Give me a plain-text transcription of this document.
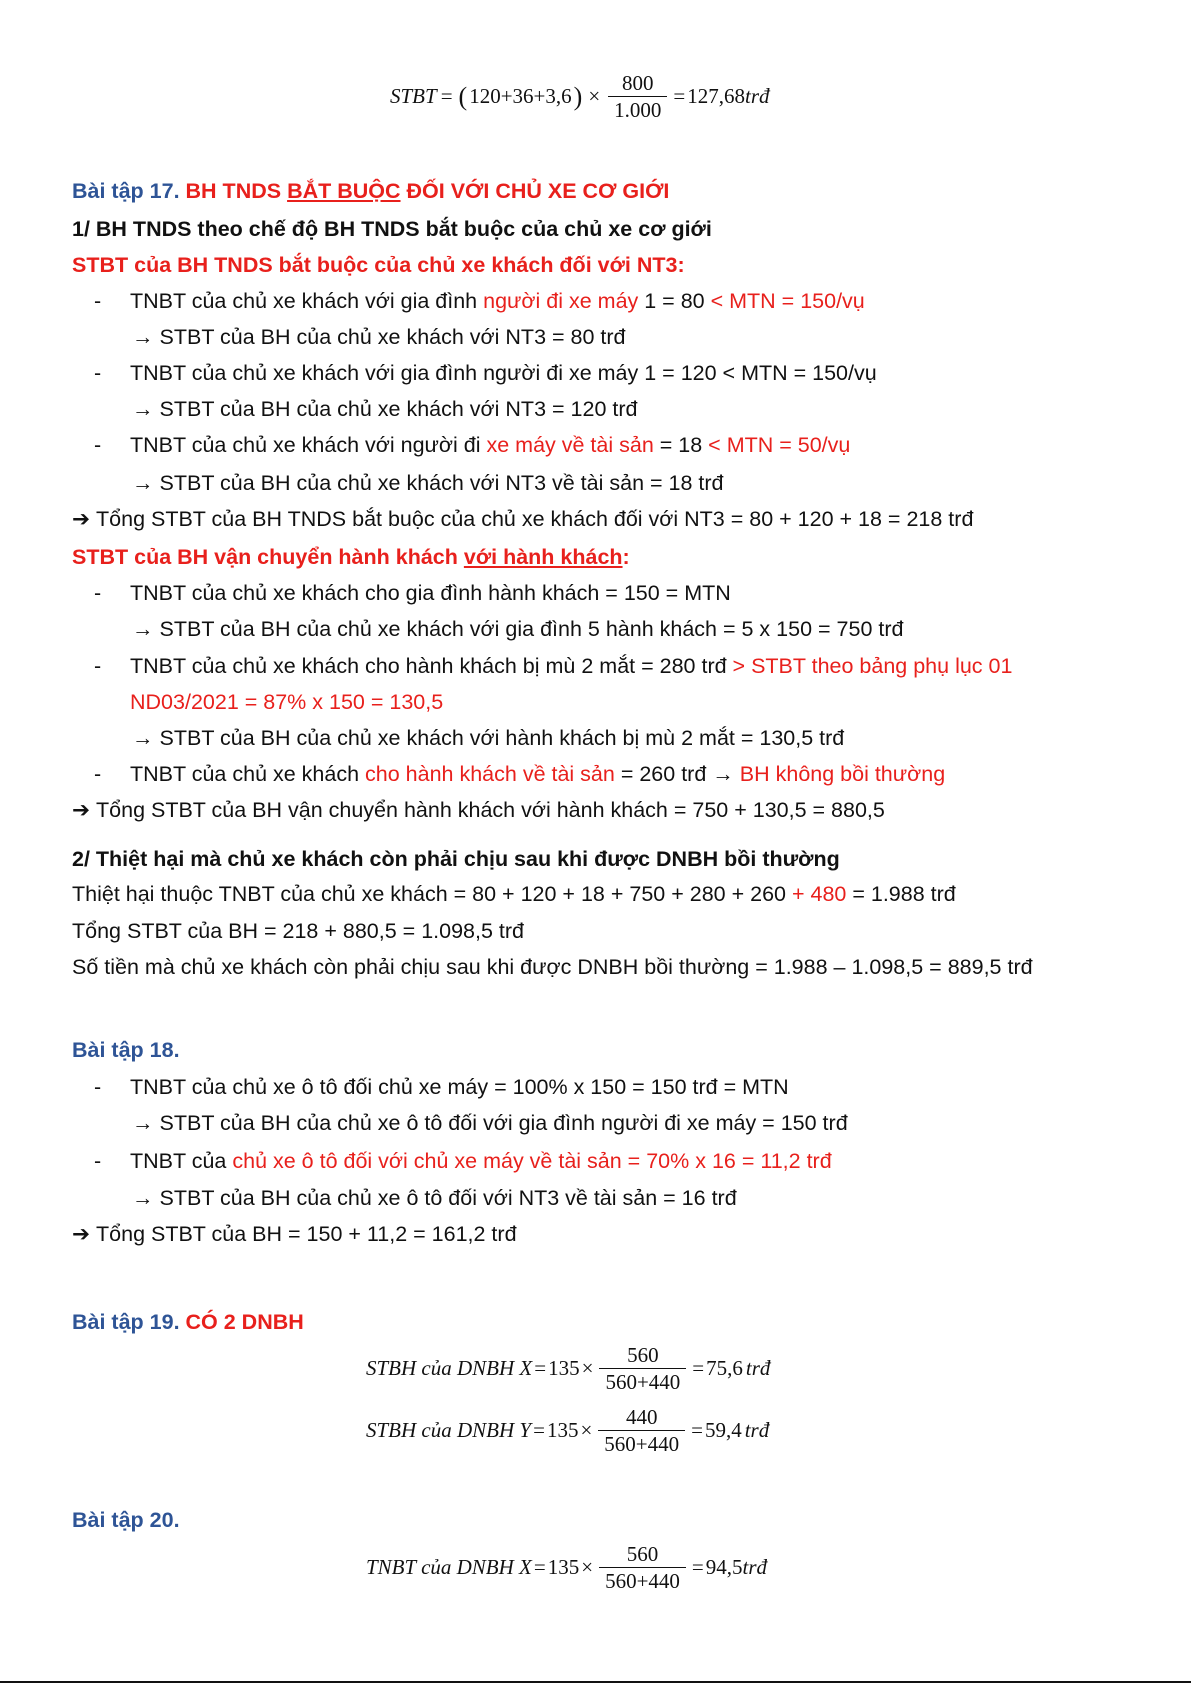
STBT = ( 120+36+3,6 ) × $\frac{800}{1.000} = 127,68$ trđ
Bài tập 17. BH TNDS BẮT BUỘC ĐỐI VỚI CHỦ XE CƠ GIỚI
1/ BH TNDS theo chế độ BH TNDS bắt buộc của chủ xe cơ giới
STBT của BH TNDS bắt buộc của chủ xe khách đối với NT3:
- TNBT của chủ xe khách với gia đình người đi xe máy 1 = 80 < MTN = 150/vụ
→ STBT của BH của chủ xe khách với NT3 = 80 trđ
- TNBT của chủ xe khách với gia đình người đi xe máy 1 = 120 < MTN = 150/vụ
→ STBT của BH của chủ xe khách với NT3 = 120 trđ
- TNBT của chủ xe khách với người đi xe máy về tài sản = 18 < MTN = 50/vụ
→ STBT của BH của chủ xe khách với NT3 về tài sản = 18 trđ
➔ Tổng STBT của BH TNDS bắt buộc của chủ xe khách đối với NT3 = 80 + 120 + 18 = 218 trđ
STBT của BH vận chuyển hành khách với hành khách:
- TNBT của chủ xe khách cho gia đình hành khách = 150 = MTN
→ STBT của BH của chủ xe khách với gia đình 5 hành khách = 5 x 150 = 750 trđ
- TNBT của chủ xe khách cho hành khách bị mù 2 mắt = 280 trđ > STBT theo bảng phụ lục 01
ND03/2021 = 87% x 150 = 130,5
→ STBT của BH của chủ xe khách với hành khách bị mù 2 mắt = 130,5 trđ
- TNBT của chủ xe khách cho hành khách về tài sản = 260 trđ → BH không bồi thường
➔ Tổng STBT của BH vận chuyển hành khách với hành khách = 750 + 130,5 = 880,5
2/ Thiệt hại mà chủ xe khách còn phải chịu sau khi được DNBH bồi thường
Thiệt hại thuộc TNBT của chủ xe khách = 80 + 120 + 18 + 750 + 280 + 260 + 480 = 1.988 trđ
Tổng STBT của BH = 218 + 880,5 = 1.098,5 trđ
Số tiền mà chủ xe khách còn phải chịu sau khi được DNBH bồi thường = 1.988 – 1.098,5 = 889,5 trđ
Bài tập 18.
- TNBT của chủ xe ô tô đối chủ xe máy = 100% x 150 = 150 trđ = MTN
→ STBT của BH của chủ xe ô tô đối với gia đình người đi xe máy = 150 trđ
- TNBT của chủ xe ô tô đối với chủ xe máy về tài sản = 70% x 16 = 11,2 trđ
→ STBT của BH của chủ xe ô tô đối với NT3 về tài sản = 16 trđ
➔ Tổng STBT của BH = 150 + 11,2 = 161,2 trđ
Bài tập 19. CÓ 2 DNBH
STBH của DNBH $X = 135 \times \frac{560}{560+440} = 75,6$ trđ
STBH của DNBH $Y = 135 \times \frac{440}{560+440} = 59,4$ trđ
Bài tập 20.
TNBT của DNBH $X = 135 \times \frac{560}{560+440} = 94,5$ trđ
